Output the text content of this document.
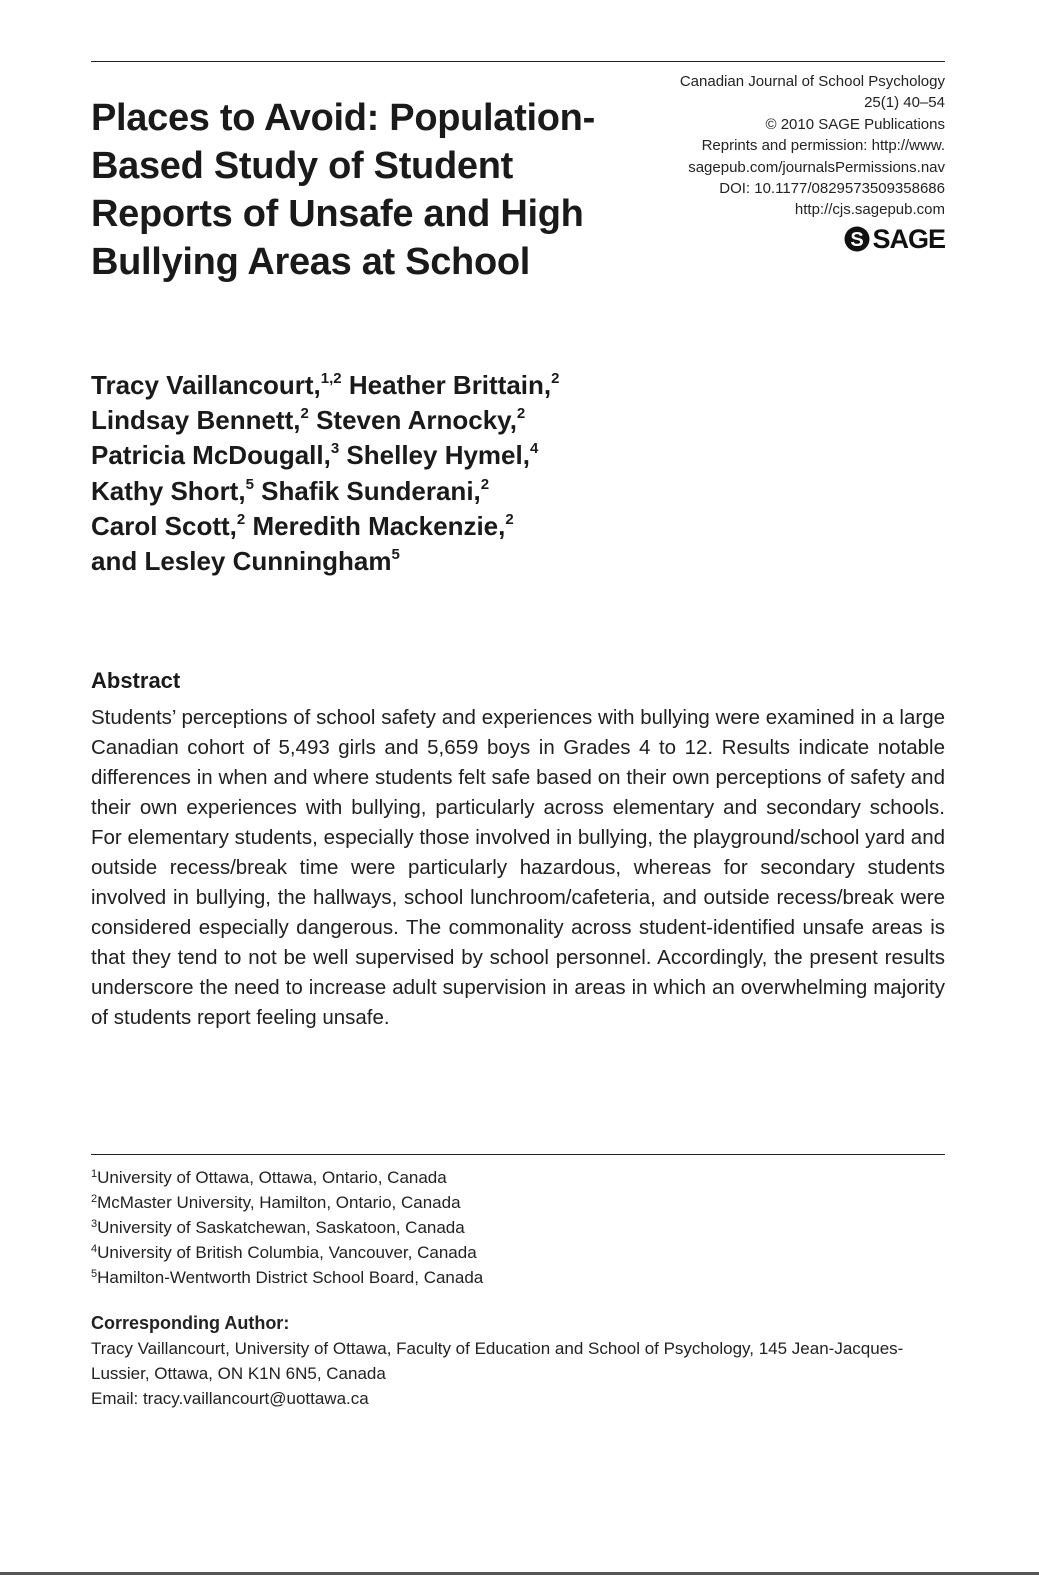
Places to Avoid: Population-
Based Study of Student
Reports of Unsafe and High
Bullying Areas at School
Canadian Journal of School Psychology
25(1) 40–54
© 2010 SAGE Publications
Reprints and permission: http://www.
sagepub.com/journalsPermissions.nav
DOI: 10.1177/0829573509358686
http://cjs.sagepub.com
S SAGE
Tracy Vaillancourt,$^{1,2}$ Heather Brittain,$^2$
Lindsay Bennett,$^2$ Steven Arnocky,$^2$
Patricia McDougall,$^3$ Shelley Hymel,$^4$
Kathy Short,$^5$ Shafik Sunderani,$^2$
Carol Scott,$^2$ Meredith Mackenzie,$^2$
and Lesley Cunningham$^5$
Abstract

Students’ perceptions of school safety and experiences with bullying were examined in a large Canadian cohort of 5,493 girls and 5,659 boys in Grades 4 to 12. Results indicate notable differences in when and where students felt safe based on their own perceptions of safety and their own experiences with bullying, particularly across elementary and secondary schools. For elementary students, especially those involved in bullying, the playground/school yard and outside recess/break time were particularly hazardous, whereas for secondary students involved in bullying, the hallways, school lunchroom/cafeteria, and outside recess/break were considered especially dangerous. The commonality across student-identified unsafe areas is that they tend to not be well supervised by school personnel. Accordingly, the present results underscore the need to increase adult supervision in areas in which an overwhelming majority of students report feeling unsafe.

$^1$University of Ottawa, Ottawa, Ontario, Canada
$^2$McMaster University, Hamilton, Ontario, Canada
$^3$University of Saskatchewan, Saskatoon, Canada
$^4$University of British Columbia, Vancouver, Canada
$^5$Hamilton-Wentworth District School Board, Canada
Corresponding Author:
Tracy Vaillancourt, University of Ottawa, Faculty of Education and School of Psychology, 145 Jean-Jacques-
Lussier, Ottawa, ON K1N 6N5, Canada
Email: tracy.vaillancourt@uottawa.ca
